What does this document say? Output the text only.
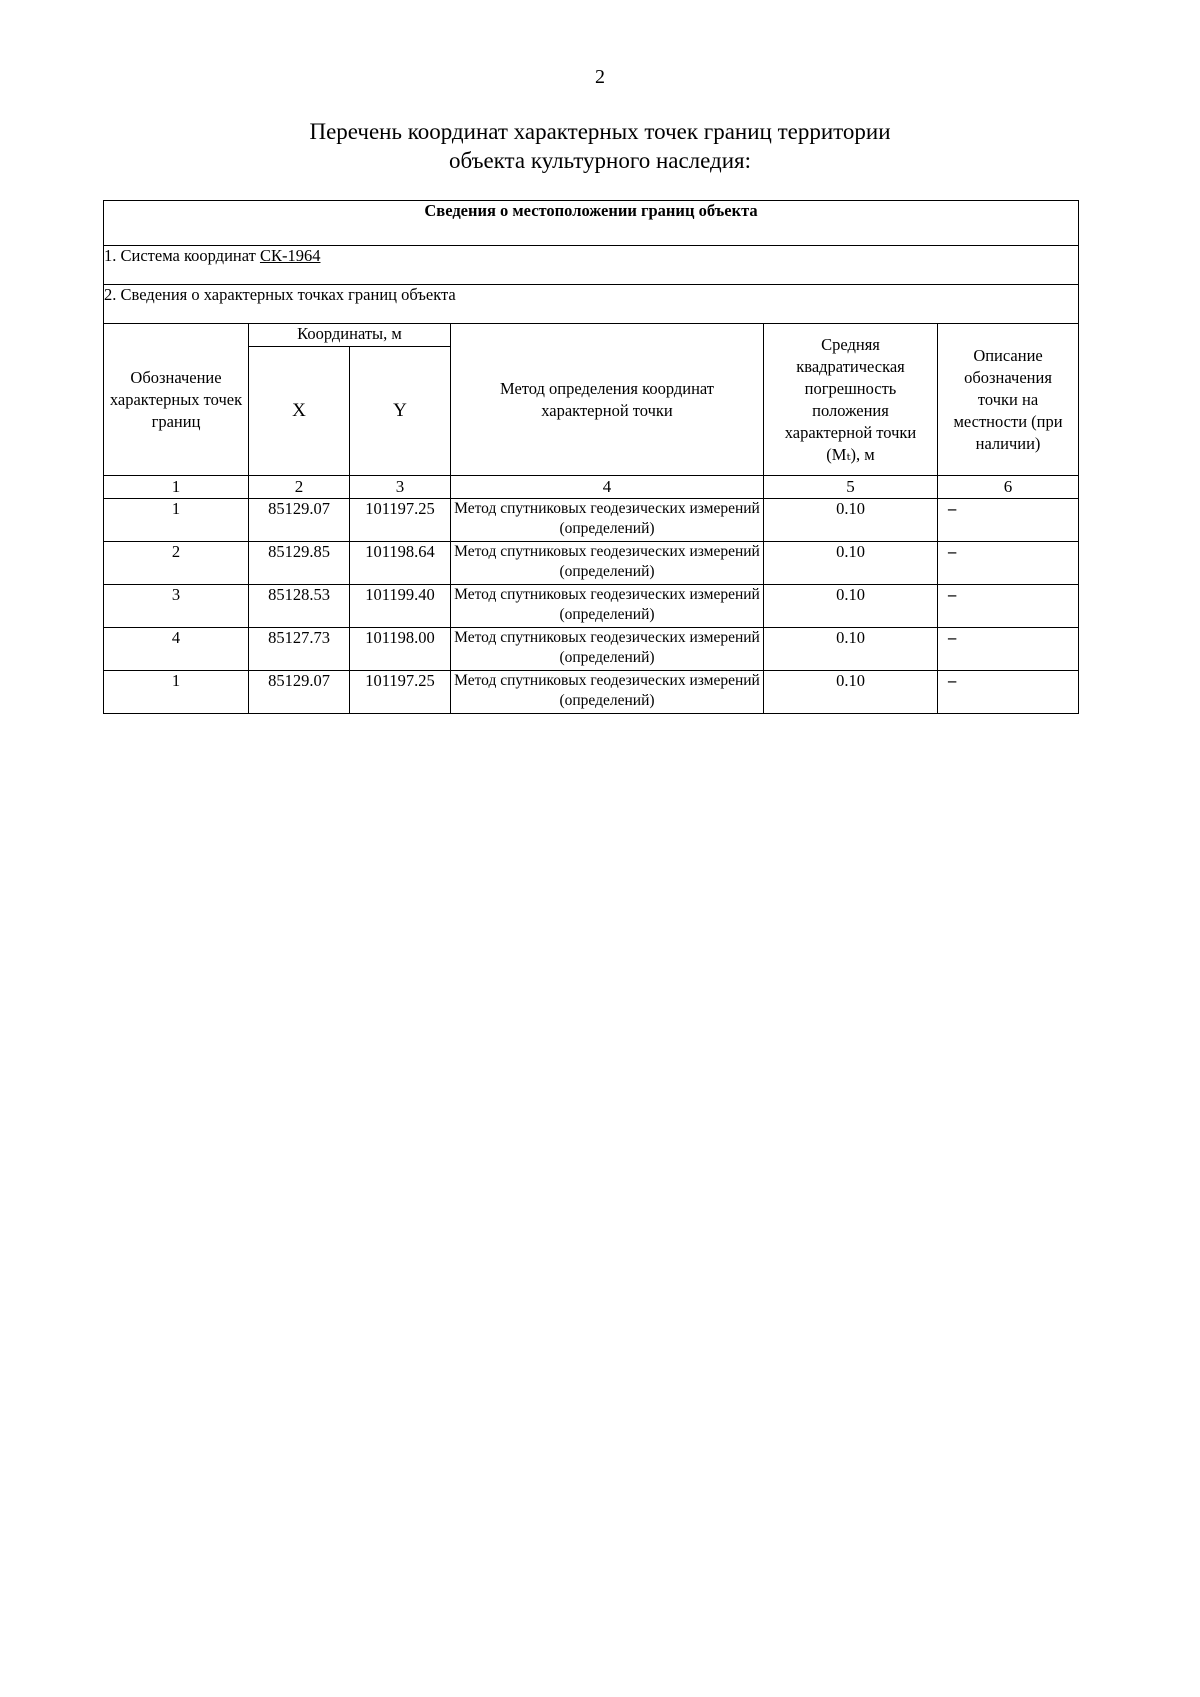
2
Перечень координат характерных точек границ территории
объекта культурного наследия:
Сведения о местоположении границ объекта					
1. Система координат СК-1964					
2. Сведения о характерных точках границ объекта					
Обозначение характерных точек границ	Координаты, м		Метод определения координат характерной точки	Средняя квадратическая погрешность положения характерной точки (Mₜ), м	Описание обозначения точки на местности (при наличии)
	X	Y			
1	2	3	4	5	6
1	85129.07	101197.25	Метод спутниковых геодезических измерений (определений)	0.10	–
2	85129.85	101198.64	Метод спутниковых геодезических измерений (определений)	0.10	–
3	85128.53	101199.40	Метод спутниковых геодезических измерений (определений)	0.10	–
4	85127.73	101198.00	Метод спутниковых геодезических измерений (определений)	0.10	–
1	85129.07	101197.25	Метод спутниковых геодезических измерений (определений)	0.10	–
